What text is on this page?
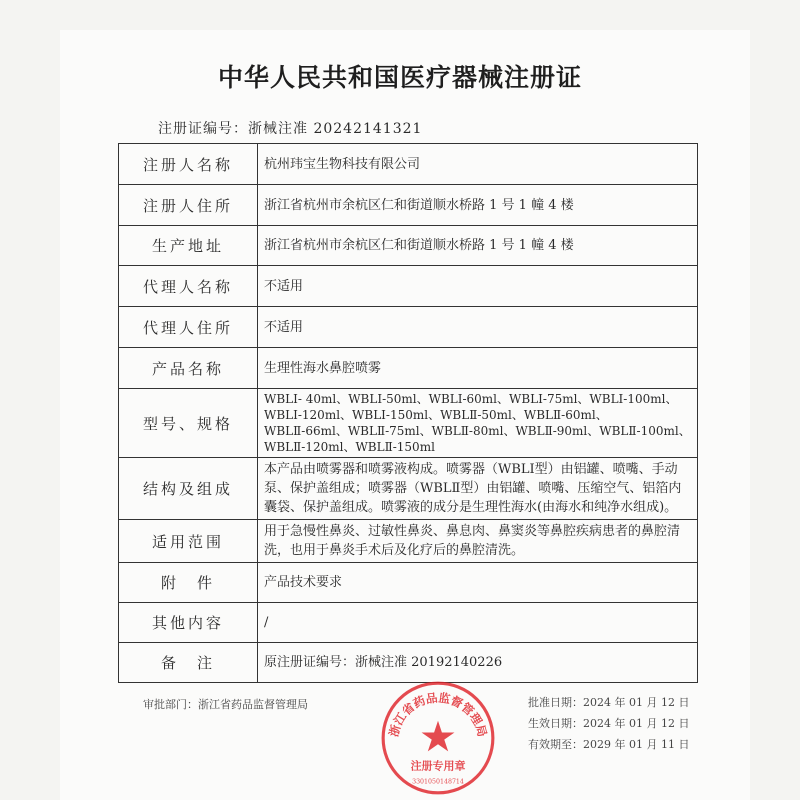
中华人民共和国医疗器械注册证
注册证编号：浙械注准 20242141321
注册人名称	杭州玮宝生物科技有限公司
注册人住所	浙江省杭州市余杭区仁和街道顺水桥路 1 号 1 幢 4 楼
生产地址	浙江省杭州市余杭区仁和街道顺水桥路 1 号 1 幢 4 楼
代理人名称	不适用
代理人住所	不适用
产品名称	生理性海水鼻腔喷雾
型号、规格	WBLⅠ- 40ml、WBLⅠ-50ml、WBLⅠ-60ml、WBLⅠ-75ml、WBLⅠ-100ml、WBLⅠ-120ml、WBLⅠ-150ml、WBLⅡ-50ml、WBLⅡ-60ml、WBLⅡ-66ml、WBLⅡ-75ml、WBLⅡ-80ml、WBLⅡ-90ml、WBLⅡ-100ml、WBLⅡ-120ml、WBLⅡ-150ml
结构及组成	本产品由喷雾器和喷雾液构成。喷雾器（WBLⅠ型）由铝罐、喷嘴、手动泵、保护盖组成；喷雾器（WBLⅡ型）由铝罐、喷嘴、压缩空气、铝箔内囊袋、保护盖组成。喷雾液的成分是生理性海水(由海水和纯净水组成)。
适用范围	用于急慢性鼻炎、过敏性鼻炎、鼻息肉、鼻窦炎等鼻腔疾病患者的鼻腔清洗，也用于鼻炎手术后及化疗后的鼻腔清洗。
附　件	产品技术要求
其他内容	/
备　注	原注册证编号：浙械注准 20192140226
审批部门：浙江省药品监督管理局	批准日期：2024 年 01 月 12 日
生效日期：2024 年 01 月 12 日
有效期至：2029 年 01 月 11 日
浙江省药品监督管理局
注册专用章
3301050148714
